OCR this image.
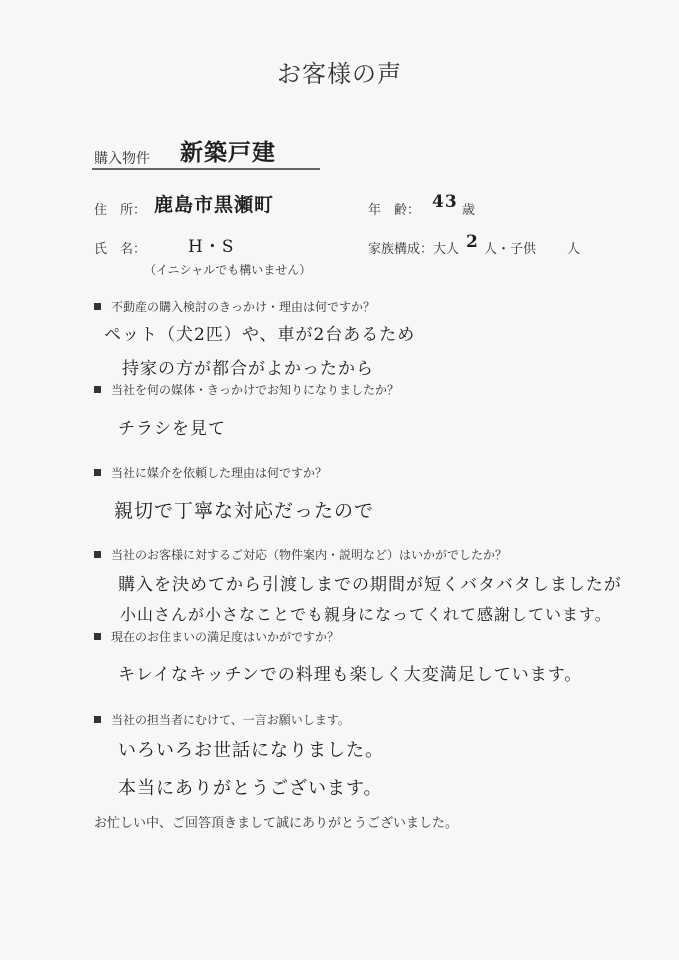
お客様の声
購入物件 新築戸建
住　所： 鹿島市黒瀬町	年　齢： 43 歳
氏　名： H・S
（イニシャルでも構いません）
家族構成：大人 2 人・子供 人
不動産の購入検討のきっかけ・理由は何ですか？
ペット（犬2匹）や、車が2台あるため
持家の方が都合がよかったから
当社を何の媒体・きっかけでお知りになりましたか？
チラシを見て
当社に媒介を依頼した理由は何ですか？
親切で丁寧な対応だったので
当社のお客様に対するご対応（物件案内・説明など）はいかがでしたか？
購入を決めてから引渡しまでの期間が短くバタバタしましたが
小山さんが小さなことでも親身になってくれて感謝しています。
現在のお住まいの満足度はいかがですか？
キレイなキッチンでの料理も楽しく大変満足しています。
当社の担当者にむけて、一言お願いします。
いろいろお世話になりました。
本当にありがとうございます。
お忙しい中、ご回答頂きまして誠にありがとうございました。
